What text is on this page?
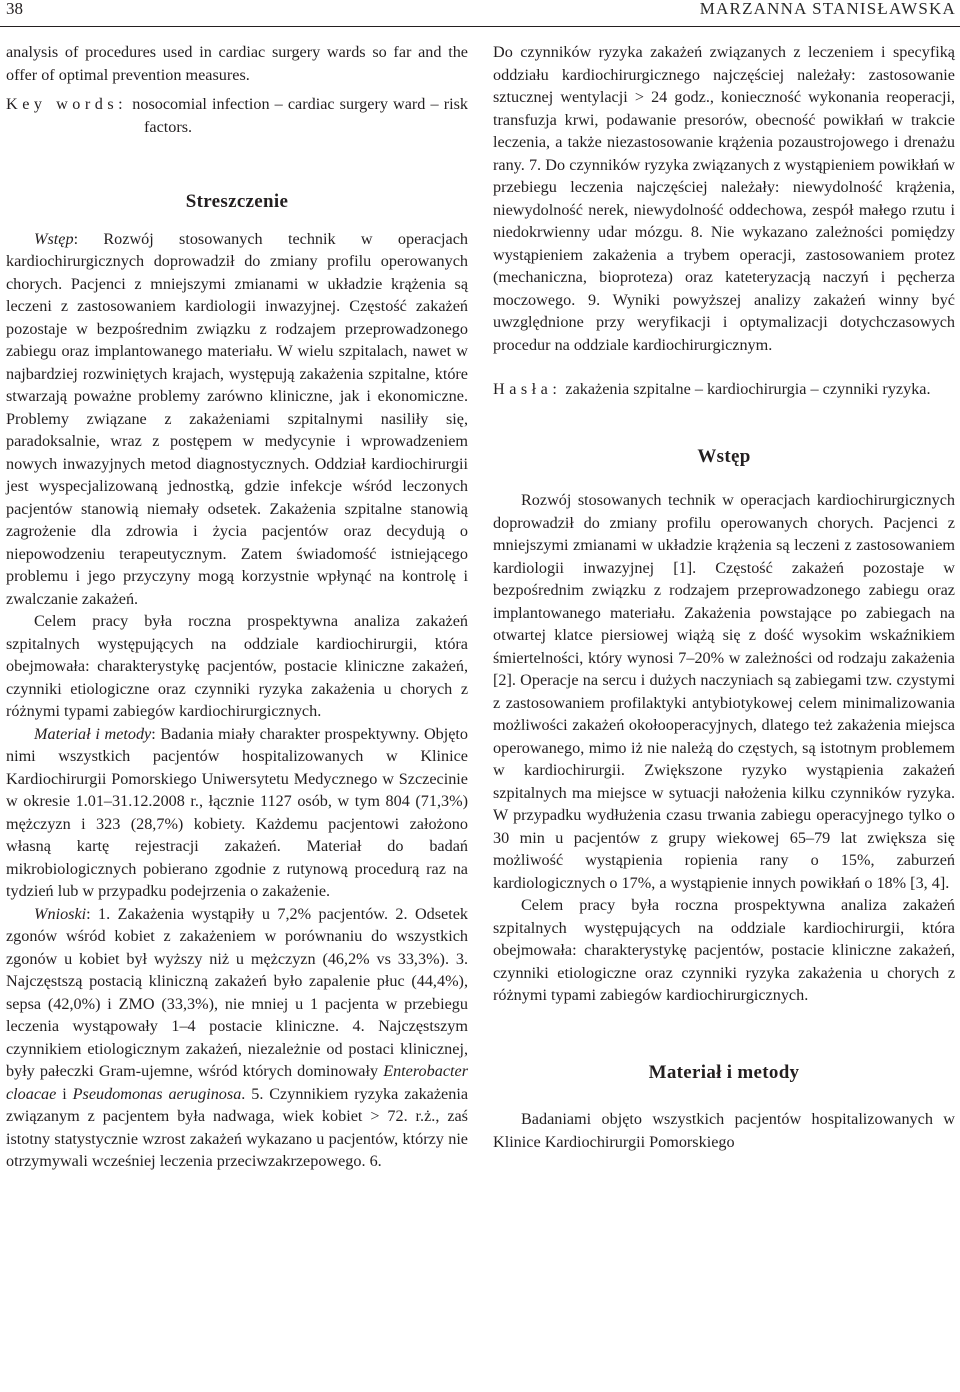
38	MARZANNA STANISŁAWSKA

analysis of procedures used in cardiac surgery wards so far and the offer of optimal prevention measures.

Key words: nosocomial infection – cardiac surgery ward – risk factors.

Streszczenie

Wstęp: Rozwój stosowanych technik w operacjach kardiochirurgicznych doprowadził do zmiany profilu operowanych chorych. Pacjenci z mniejszymi zmianami w układzie krążenia są leczeni z zastosowaniem kardiologii inwazyjnej. Częstość zakażeń pozostaje w bezpośrednim związku z rodzajem przeprowadzonego zabiegu oraz implantowanego materiału. W wielu szpitalach, nawet w najbardziej rozwiniętych krajach, występują zakażenia szpitalne, które stwarzają poważne problemy zarówno kliniczne, jak i ekonomiczne. Problemy związane z zakażeniami szpitalnymi nasiliły się, paradoksalnie, wraz z postępem w medycynie i wprowadzeniem nowych inwazyjnych metod diagnostycznych. Oddział kardiochirurgii jest wyspecjalizowaną jednostką, gdzie infekcje wśród leczonych pacjentów stanowią niemały odsetek. Zakażenia szpitalne stanowią zagrożenie dla zdrowia i życia pacjentów oraz decydują o niepowodzeniu terapeutycznym. Zatem świadomość istniejącego problemu i jego przyczyny mogą korzystnie wpłynąć na kontrolę i zwalczanie zakażeń.

Celem pracy była roczna prospektywna analiza zakażeń szpitalnych występujących na oddziale kardiochirurgii, która obejmowała: charakterystykę pacjentów, postacie kliniczne zakażeń, czynniki etiologiczne oraz czynniki ryzyka zakażenia u chorych z różnymi typami zabiegów kardiochirurgicznych.

Materiał i metody: Badania miały charakter prospektywny. Objęto nimi wszystkich pacjentów hospitalizowanych w Klinice Kardiochirurgii Pomorskiego Uniwersytetu Medycznego w Szczecinie w okresie 1.01–31.12.2008 r., łącznie 1127 osób, w tym 804 (71,3%) mężczyzn i 323 (28,7%) kobiety. Każdemu pacjentowi założono własną kartę rejestracji zakażeń. Materiał do badań mikrobiologicznych pobierano zgodnie z rutynową procedurą raz na tydzień lub w przypadku podejrzenia o zakażenie.

Wnioski: 1. Zakażenia wystąpiły u 7,2% pacjentów. 2. Odsetek zgonów wśród kobiet z zakażeniem w porównaniu do wszystkich zgonów u kobiet był wyższy niż u mężczyzn (46,2% vs 33,3%). 3. Najczęstszą postacią kliniczną zakażeń było zapalenie płuc (44,4%), sepsa (42,0%) i ZMO (33,3%), nie mniej u 1 pacjenta w przebiegu leczenia wystąpowały 1–4 postacie kliniczne. 4. Najczęstszym czynnikiem etiologicznym zakażeń, niezależnie od postaci klinicznej, były pałeczki Gram-ujemne, wśród których dominowały Enterobacter cloacae i Pseudomonas aeruginosa. 5. Czynnikiem ryzyka zakażenia związanym z pacjentem była nadwaga, wiek kobiet > 72. r.ż., zaś istotny statystycznie wzrost zakażeń wykazano u pacjentów, którzy nie otrzymywali wcześniej leczenia przeciwzakrzepowego. 6.

Do czynników ryzyka zakażeń związanych z leczeniem i specyfiką oddziału kardiochirurgicznego najczęściej należały: zastosowanie sztucznej wentylacji > 24 godz., konieczność wykonania reoperacji, transfuzja krwi, podawanie presorów, obecność powikłań w trakcie leczenia, a także niezastosowanie krążenia pozaustrojowego i drenażu rany. 7. Do czynników ryzyka związanych z wystąpieniem powikłań w przebiegu leczenia najczęściej należały: niewydolność krążenia, niewydolność nerek, niewydolność oddechowa, zespół małego rzutu i niedokrwienny udar mózgu. 8. Nie wykazano zależności pomiędzy wystąpieniem zakażenia a trybem operacji, zastosowaniem protez (mechaniczna, bioproteza) oraz kateteryzacją naczyń i pęcherza moczowego. 9. Wyniki powyższej analizy zakażeń winny być uwzględnione przy weryfikacji i optymalizacji dotychczasowych procedur na oddziale kardiochirurgicznym.

Hasła: zakażenia szpitalne – kardiochirurgia – czynniki ryzyka.

Wstęp

Rozwój stosowanych technik w operacjach kardiochirurgicznych doprowadził do zmiany profilu operowanych chorych. Pacjenci z mniejszymi zmianami w układzie krążenia są leczeni z zastosowaniem kardiologii inwazyjnej [1]. Częstość zakażeń pozostaje w bezpośrednim związku z rodzajem przeprowadzonego zabiegu oraz implantowanego materiału. Zakażenia powstające po zabiegach na otwartej klatce piersiowej wiążą się z dość wysokim wskaźnikiem śmiertelności, który wynosi 7–20% w zależności od rodzaju zakażenia [2]. Operacje na sercu i dużych naczyniach są zabiegami tzw. czystymi z zastosowaniem profilaktyki antybiotykowej celem minimalizowania możliwości zakażeń okołooperacyjnych, dlatego też zakażenia miejsca operowanego, mimo iż nie należą do częstych, są istotnym problemem w kardiochirurgii. Zwiększone ryzyko wystąpienia zakażeń szpitalnych ma miejsce w sytuacji nałożenia kilku czynników ryzyka. W przypadku wydłużenia czasu trwania zabiegu operacyjnego tylko o 30 min u pacjentów z grupy wiekowej 65–79 lat zwiększa się możliwość wystąpienia ropienia rany o 15%, zaburzeń kardiologicznych o 17%, a wystąpienie innych powikłań o 18% [3, 4].

Celem pracy była roczna prospektywna analiza zakażeń szpitalnych występujących na oddziale kardiochirurgii, która obejmowała: charakterystykę pacjentów, postacie kliniczne zakażeń, czynniki etiologiczne oraz czynniki ryzyka zakażenia u chorych z różnymi typami zabiegów kardiochirurgicznych.

Materiał i metody

Badaniami objęto wszystkich pacjentów hospitalizowanych w Klinice Kardiochirurgii Pomorskiego
